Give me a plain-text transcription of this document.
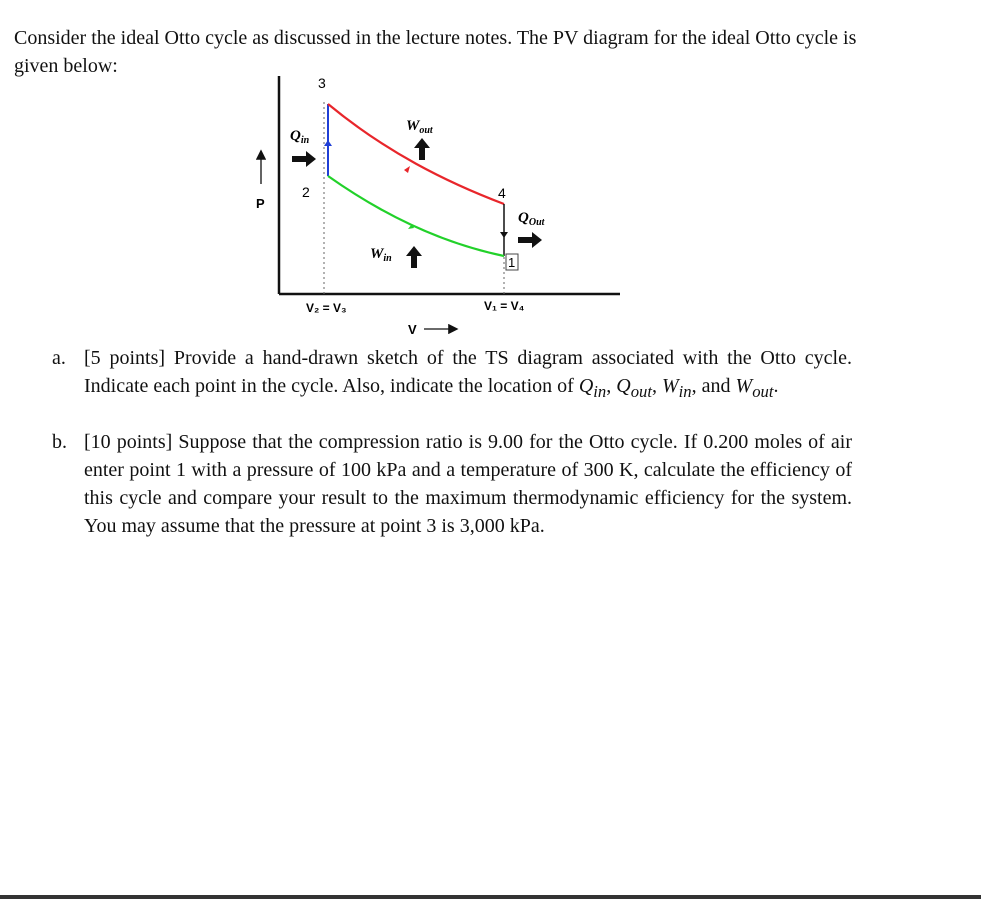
Consider the ideal Otto cycle as discussed in the lecture notes. The PV diagram for the ideal Otto cycle is given below:

3
2	4
1
$Q_{in}$
$W_{out}$
$Q_{Out}$
$W_{in}$
P
V₂ = V₃	V₁ = V₄
V
a. [5 points] Provide a hand-drawn sketch of the TS diagram associated with the Otto cycle. Indicate each point in the cycle. Also, indicate the location of $Q_{in}$, $Q_{out}$, $W_{in}$, and $W_{out}$.
b. [10 points] Suppose that the compression ratio is 9.00 for the Otto cycle. If 0.200 moles of air enter point 1 with a pressure of 100 kPa and a temperature of 300 K, calculate the efficiency of this cycle and compare your result to the maximum thermodynamic efficiency for the system. You may assume that the pressure at point 3 is 3,000 kPa.
